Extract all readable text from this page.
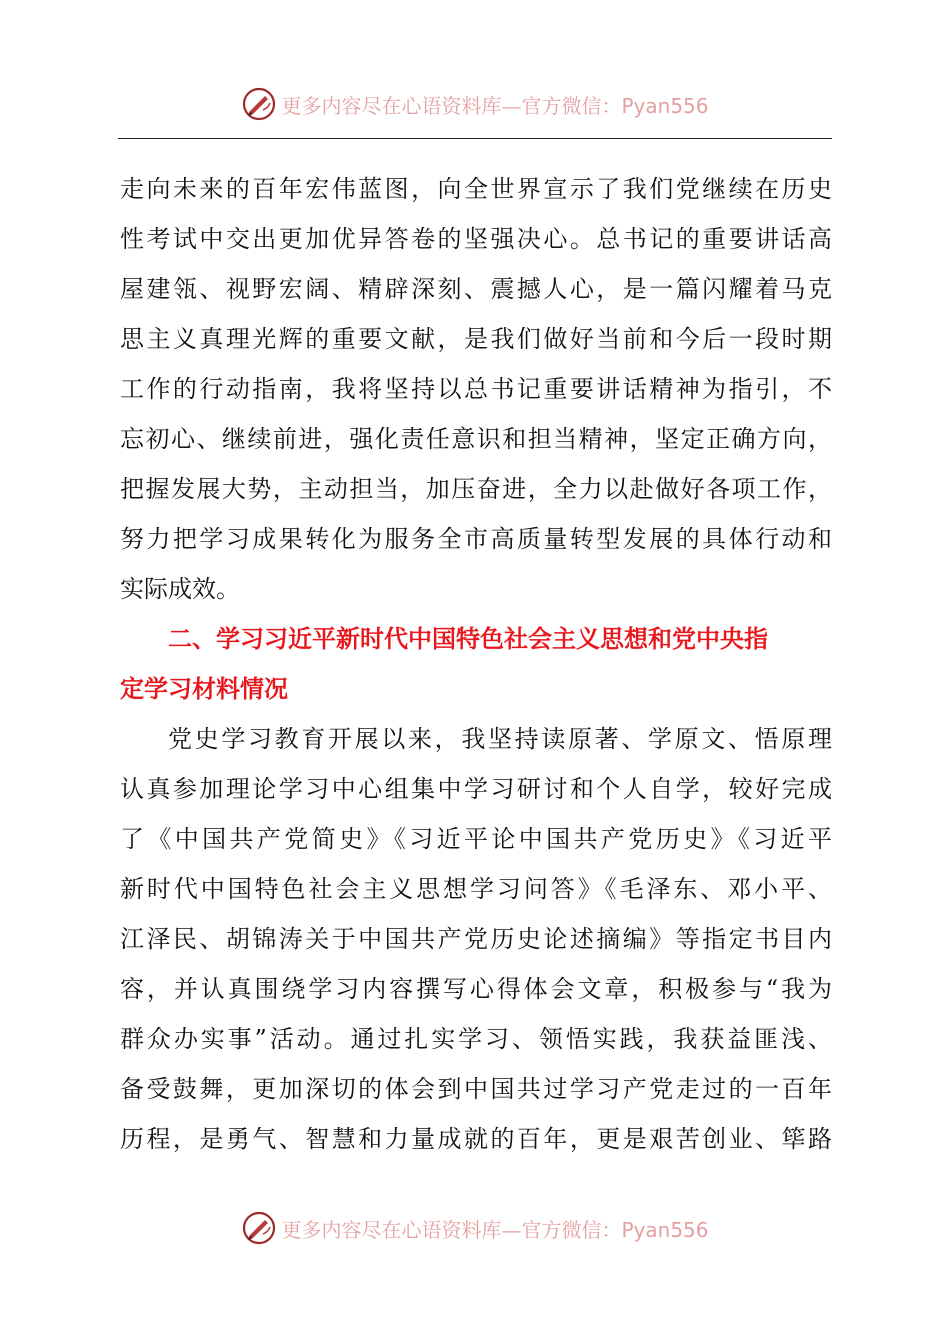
更多内容尽在心语资料库—官方微信：Pyan556
走向未来的百年宏伟蓝图，向全世界宣示了我们党继续在历史
性考试中交出更加优异答卷的坚强决心。总书记的重要讲话高
屋建瓴、视野宏阔、精辟深刻、震撼人心，是一篇闪耀着马克
思主义真理光辉的重要文献，是我们做好当前和今后一段时期
工作的行动指南，我将坚持以总书记重要讲话精神为指引，不
忘初心、继续前进，强化责任意识和担当精神，坚定正确方向，
把握发展大势，主动担当，加压奋进，全力以赴做好各项工作，
努力把学习成果转化为服务全市高质量转型发展的具体行动和
实际成效。
二、学习习近平新时代中国特色社会主义思想和党中央指
定学习材料情况
党史学习教育开展以来，我坚持读原著、学原文、悟原理
认真参加理论学习中心组集中学习研讨和个人自学，较好完成
了《中国共产党简史》《习近平论中国共产党历史》《习近平
新时代中国特色社会主义思想学习问答》《毛泽东、邓小平、
江泽民、胡锦涛关于中国共产党历史论述摘编》等指定书目内
容，并认真围绕学习内容撰写心得体会文章，积极参与“我为
群众办实事”活动。通过扎实学习、领悟实践，我获益匪浅、
备受鼓舞，更加深切的体会到中国共过学习产党走过的一百年
历程，是勇气、智慧和力量成就的百年，更是艰苦创业、筚路
更多内容尽在心语资料库—官方微信：Pyan556
